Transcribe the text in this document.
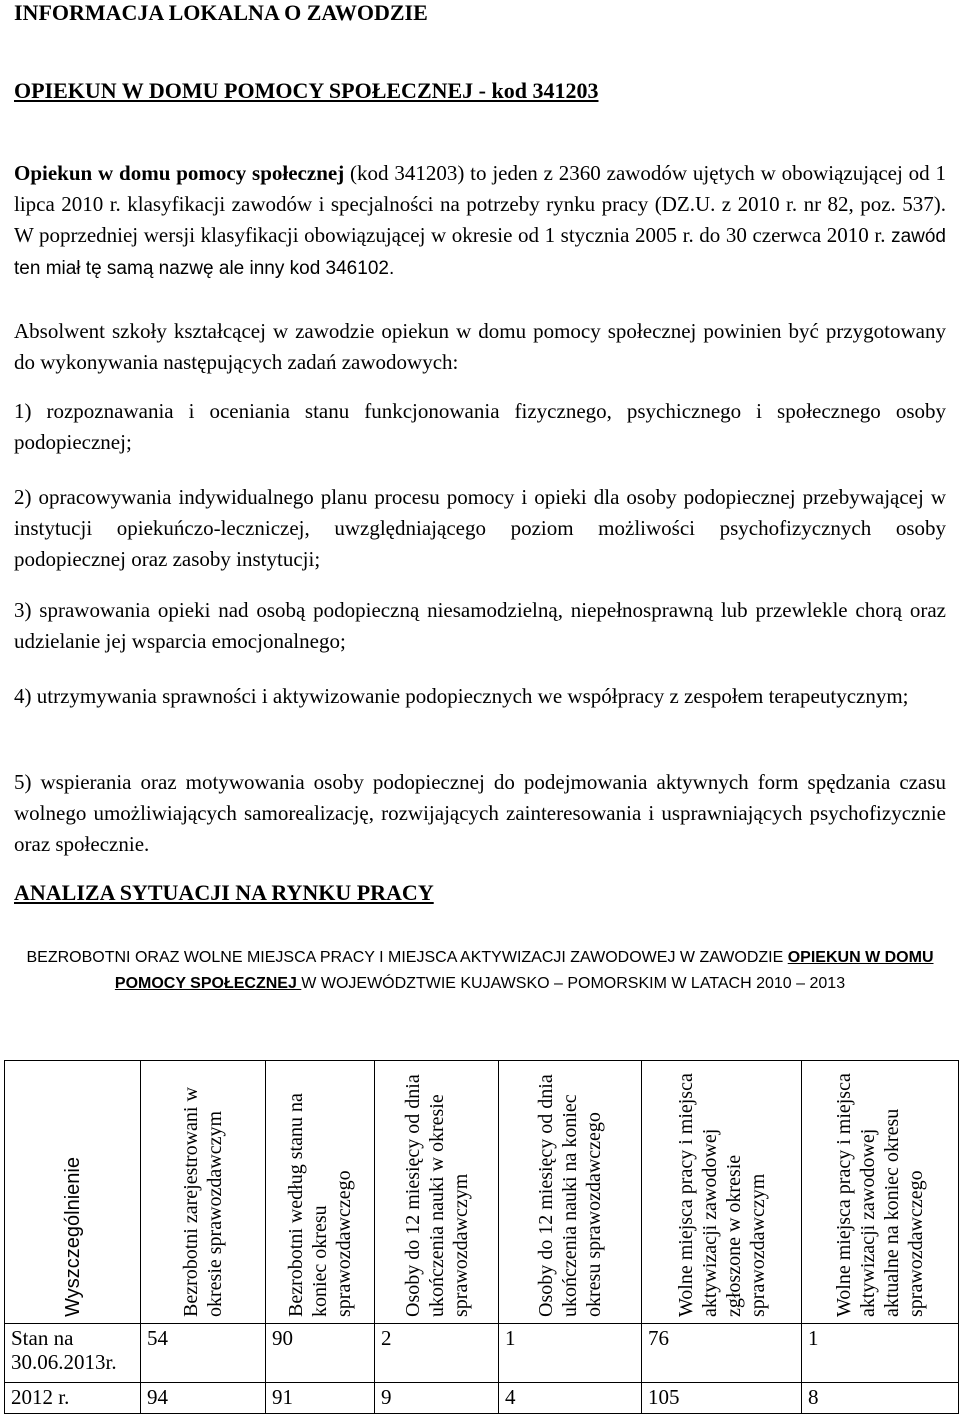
INFORMACJA LOKALNA O ZAWODZIE
OPIEKUN W DOMU POMOCY SPOŁECZNEJ - kod 341203

Opiekun w domu pomocy społecznej (kod 341203) to jeden z 2360 zawodów ujętych w obowiązującej od 1 lipca 2010 r. klasyfikacji zawodów i specjalności na potrzeby rynku pracy (DZ.U. z 2010 r. nr 82, poz. 537). W poprzedniej wersji klasyfikacji obowiązującej w okresie od 1 stycznia 2005 r. do 30 czerwca 2010 r. zawód ten miał tę samą nazwę ale inny kod 346102.

Absolwent szkoły kształcącej w zawodzie opiekun w domu pomocy społecznej powinien być przygotowany do wykonywania następujących zadań zawodowych:

1) rozpoznawania i oceniania stanu funkcjonowania fizycznego, psychicznego i społecznego osoby podopiecznej;

2) opracowywania indywidualnego planu procesu pomocy i opieki dla osoby podopiecznej przebywającej w instytucji opiekuńczo-leczniczej, uwzględniającego poziom możliwości psychofizycznych osoby podopiecznej oraz zasoby instytucji;

3) sprawowania opieki nad osobą podopieczną niesamodzielną, niepełnosprawną lub przewlekle chorą oraz udzielanie jej wsparcia emocjonalnego;

4) utrzymywania sprawności i aktywizowanie podopiecznych we współpracy z zespołem terapeutycznym;

5) wspierania oraz motywowania osoby podopiecznej do podejmowania aktywnych form spędzania czasu wolnego umożliwiających samorealizację, rozwijających zainteresowania i usprawniających psychofizycznie oraz społecznie.

ANALIZA SYTUACJI NA RYNKU PRACY

BEZROBOTNI ORAZ WOLNE MIEJSCA PRACY I MIEJSCA AKTYWIZACJI ZAWODOWEJ W ZAWODZIE OPIEKUN W DOMU POMOCY SPOŁECZNEJ W WOJEWÓDZTWIE KUJAWSKO – POMORSKIM W LATACH 2010 – 2013

Wyszczególnienie	Bezrobotni zarejestrowani w okresie sprawozdawczym	Bezrobotni według stanu na koniec okresu sprawozdawczego	Osoby do 12 miesięcy od dnia ukończenia nauki w okresie sprawozdawczym	Osoby do 12 miesięcy od dnia ukończenia nauki na koniec okresu sprawozdawczego	Wolne miejsca pracy i miejsca aktywizacji zawodowej zgłoszone w okresie sprawozdawczym	Wolne miejsca pracy i miejsca aktywizacji zawodowej aktualne na koniec okresu sprawozdawczego

Stan na 30.06.2013r.	54	90	2	1	76	1
2012 r.	94	91	9	4	105	8
